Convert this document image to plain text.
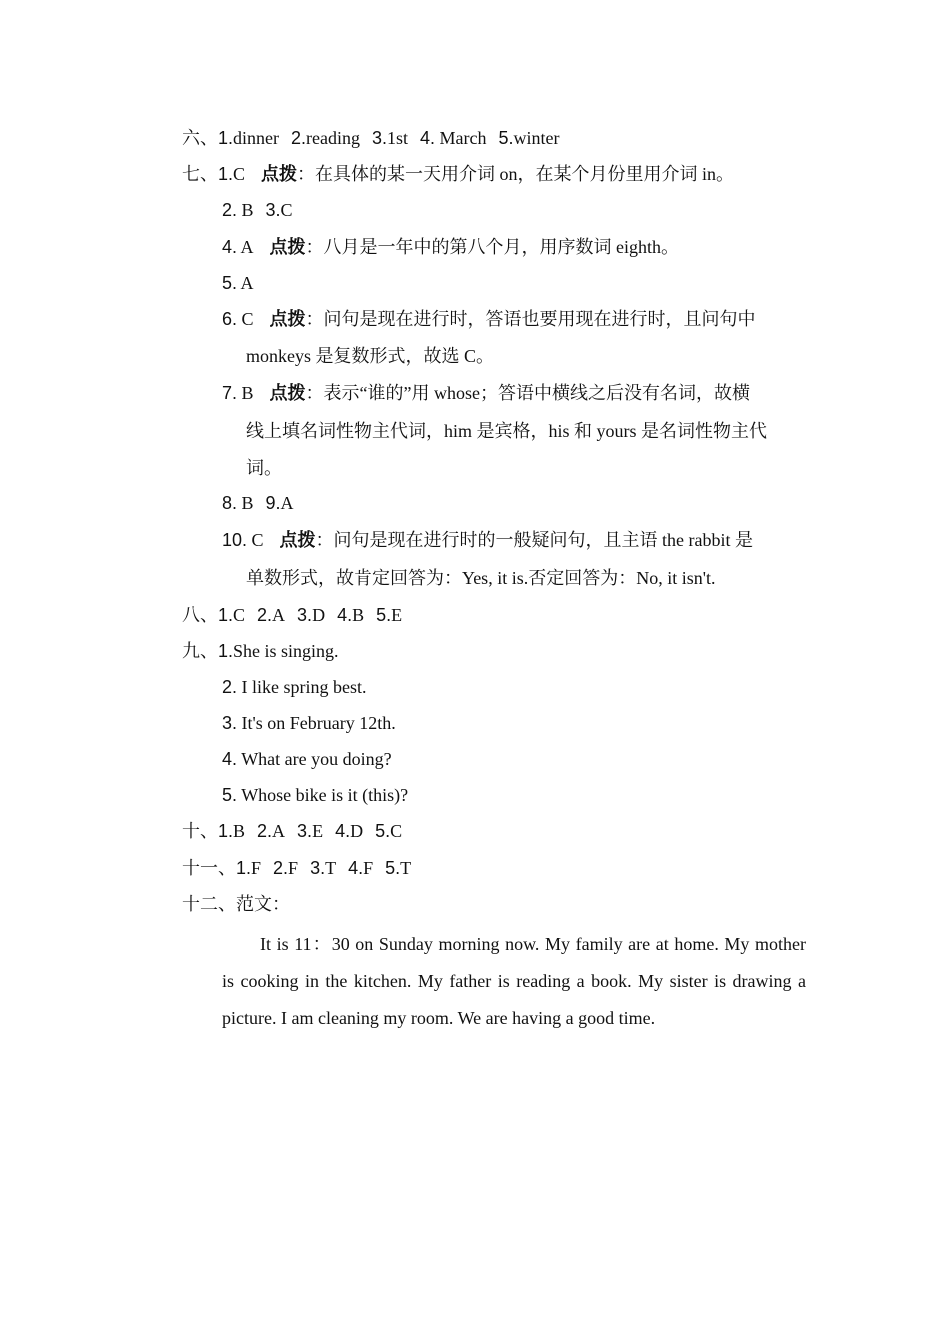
六、1.dinner 2.reading 3.1st 4. March 5.winter
七、1.C 点拨：在具体的某一天用介词 on，在某个月份里用介词 in。
2. B 3.C
4. A 点拨：八月是一年中的第八个月，用序数词 eighth。
5. A
6. C 点拨：问句是现在进行时，答语也要用现在进行时，且问句中
monkeys 是复数形式，故选 C。
7. B 点拨：表示“谁的”用 whose；答语中横线之后没有名词，故横
线上填名词性物主代词，him 是宾格，his 和 yours 是名词性物主代
词。
8. B 9.A
10. C 点拨：问句是现在进行时的一般疑问句，且主语 the rabbit 是
单数形式，故肯定回答为：Yes, it is.否定回答为：No, it isn't.
八、1.C 2.A 3.D 4.B 5.E
九、1.She is singing.
2. I like spring best.
3. It's on February 12th.
4. What are you doing?
5. Whose bike is it (this)?
十、1.B 2.A 3.E 4.D 5.C
十一、1.F 2.F 3.T 4.F 5.T
十二、范文：
It is 11：30 on Sunday morning now. My family are at home. My mother is cooking in the kitchen. My father is reading a book. My sister is drawing a picture. I am cleaning my room. We are having a good time.
